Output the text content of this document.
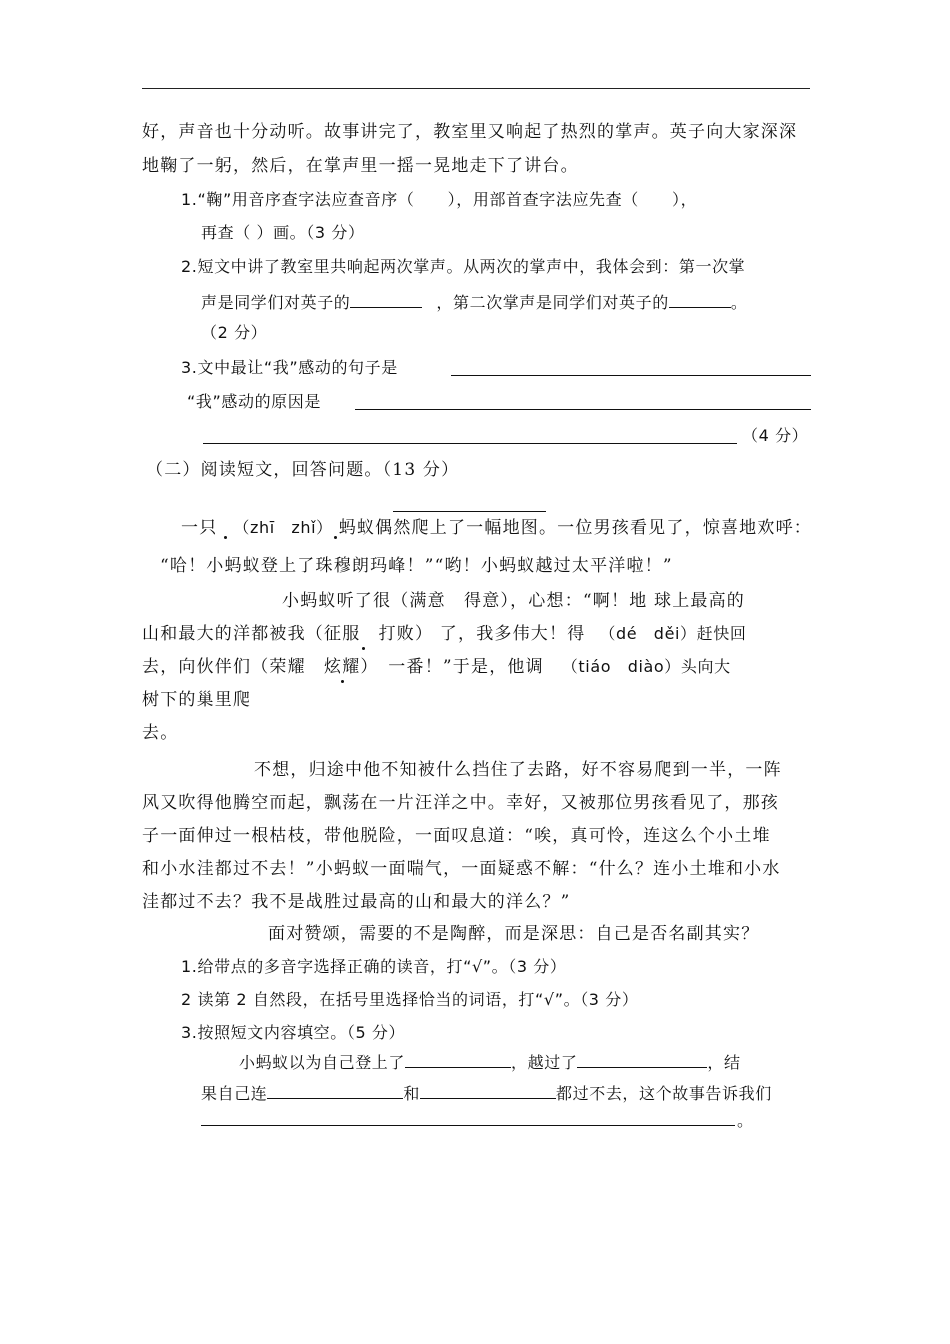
好，声音也十分动听。故事讲完了，教室里又响起了热烈的掌声。英子向大家深深
地鞠了一躬，然后，在掌声里一摇一晃地走下了讲台。
1.“鞠”用音序查字法应查音序（　　），用部首查字法应先查（　　），
再查（ ）画。（3 分）
2.短文中讲了教室里共响起两次掌声。从两次的掌声中，我体会到：第一次掌
声是同学们对英子的	，第二次掌声是同学们对英子的	。
（2 分）
3.文中最让“我”感动的句子是
“我”感动的原因是
（4 分）
（二）阅读短文，回答问题。（13 分）
一只 （zhī　zhǐ） 蚂蚁偶然爬上了一幅地图。一位男孩看见了，惊喜地欢呼：
“哈！小蚂蚁登上了珠穆朗玛峰！”“哟！小蚂蚁越过太平洋啦！”
小蚂蚁听了很（满意　得意），心想：“啊！地 球上最高的
山和最大的洋都被我（征服　打败） 了，我多伟大！得 （dé　děi）赶快回
去，向伙伴们（荣耀　炫耀）　一番！”于是，他调 （tiáo　diào）头向大
树下的巢里爬
去。
不想，归途中他不知被什么挡住了去路，好不容易爬到一半，一阵
风又吹得他腾空而起，飘荡在一片汪洋之中。幸好，又被那位男孩看见了，那孩
子一面伸过一根枯枝，带他脱险，一面叹息道：“唉，真可怜，连这么个小土堆
和小水洼都过不去！”小蚂蚁一面喘气，一面疑惑不解：“什么？连小土堆和小水
洼都过不去？我不是战胜过最高的山和最大的洋么？”
面对赞颂，需要的不是陶醉，而是深思：自己是否名副其实？
1.给带点的多音字选择正确的读音，打“√”。（3 分）
2 读第 2 自然段，在括号里选择恰当的词语，打“√”。（3 分）
3.按照短文内容填空。（5 分）
小蚂蚁以为自己登上了	，越过了	，结
果自己连	和	都过不去，这个故事告诉我们
。
